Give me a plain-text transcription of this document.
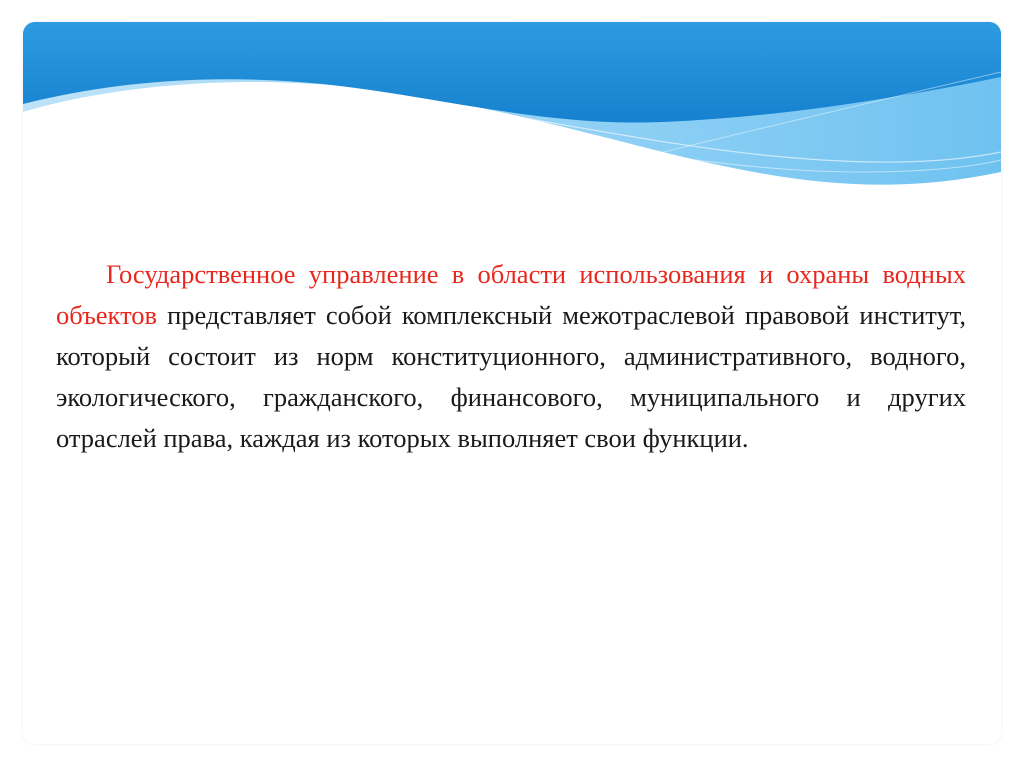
Государственное управление в области использования и охраны водных объектов представляет собой комплексный межотраслевой правовой институт, который состоит из норм конституционного, административного, водного, экологического, гражданского, финансового, муниципального и других отраслей права, каждая из которых выполняет свои функции.
